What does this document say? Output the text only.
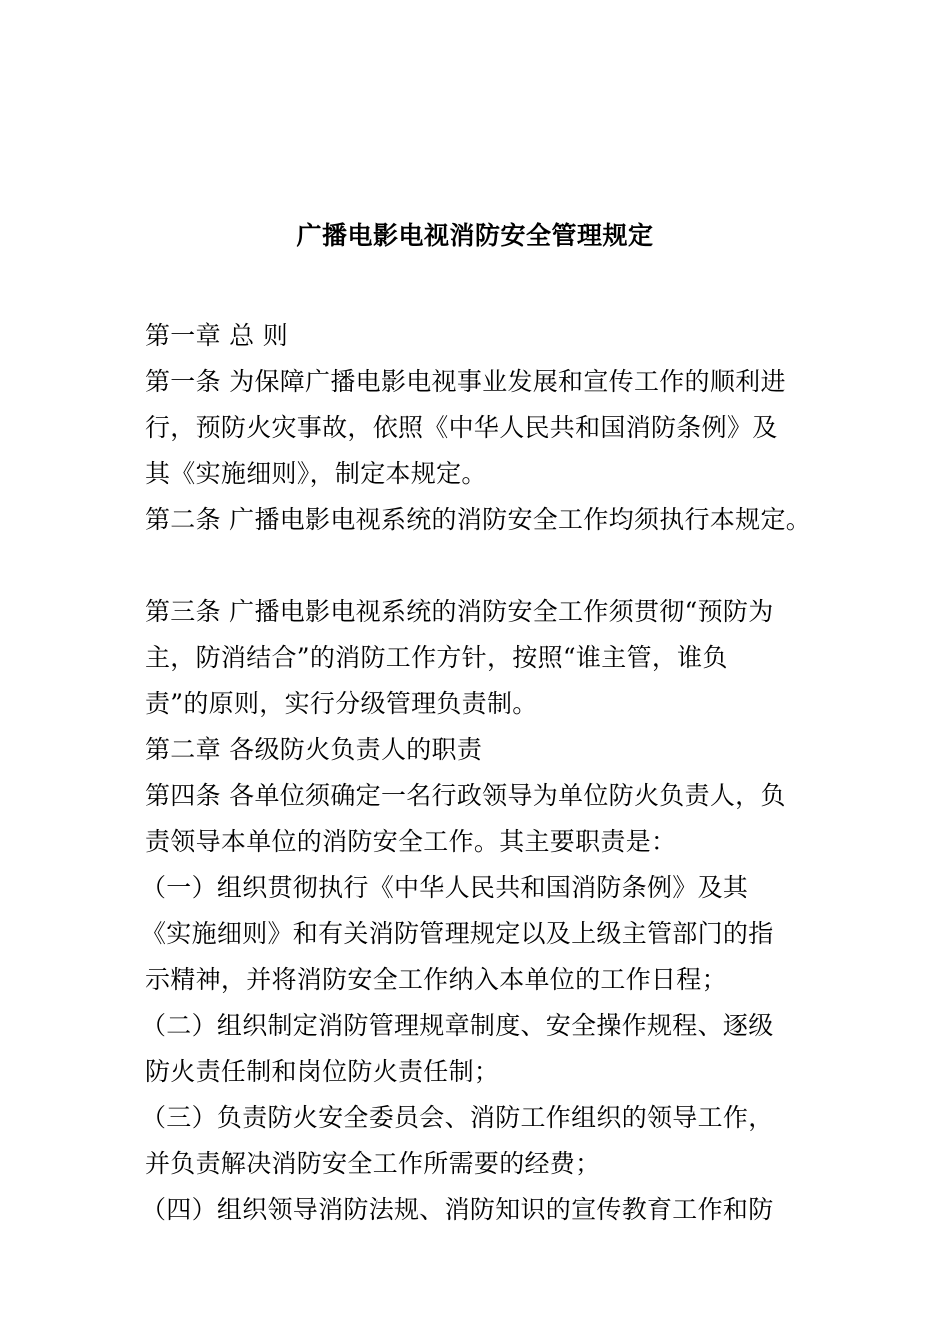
广播电影电视消防安全管理规定
第一章 总 则
第一条 为保障广播电影电视事业发展和宣传工作的顺利进
行，预防火灾事故，依照《中华人民共和国消防条例》及
其《实施细则》，制定本规定。
第二条 广播电影电视系统的消防安全工作均须执行本规定。
第三条 广播电影电视系统的消防安全工作须贯彻“预防为
主，防消结合”的消防工作方针，按照“谁主管，谁负
责”的原则，实行分级管理负责制。
第二章 各级防火负责人的职责
第四条 各单位须确定一名行政领导为单位防火负责人，负
责领导本单位的消防安全工作。其主要职责是：
（一）组织贯彻执行《中华人民共和国消防条例》及其
《实施细则》和有关消防管理规定以及上级主管部门的指
示精神，并将消防安全工作纳入本单位的工作日程；
（二）组织制定消防管理规章制度、安全操作规程、逐级
防火责任制和岗位防火责任制；
（三）负责防火安全委员会、消防工作组织的领导工作，
并负责解决消防安全工作所需要的经费；
（四）组织领导消防法规、消防知识的宣传教育工作和防
